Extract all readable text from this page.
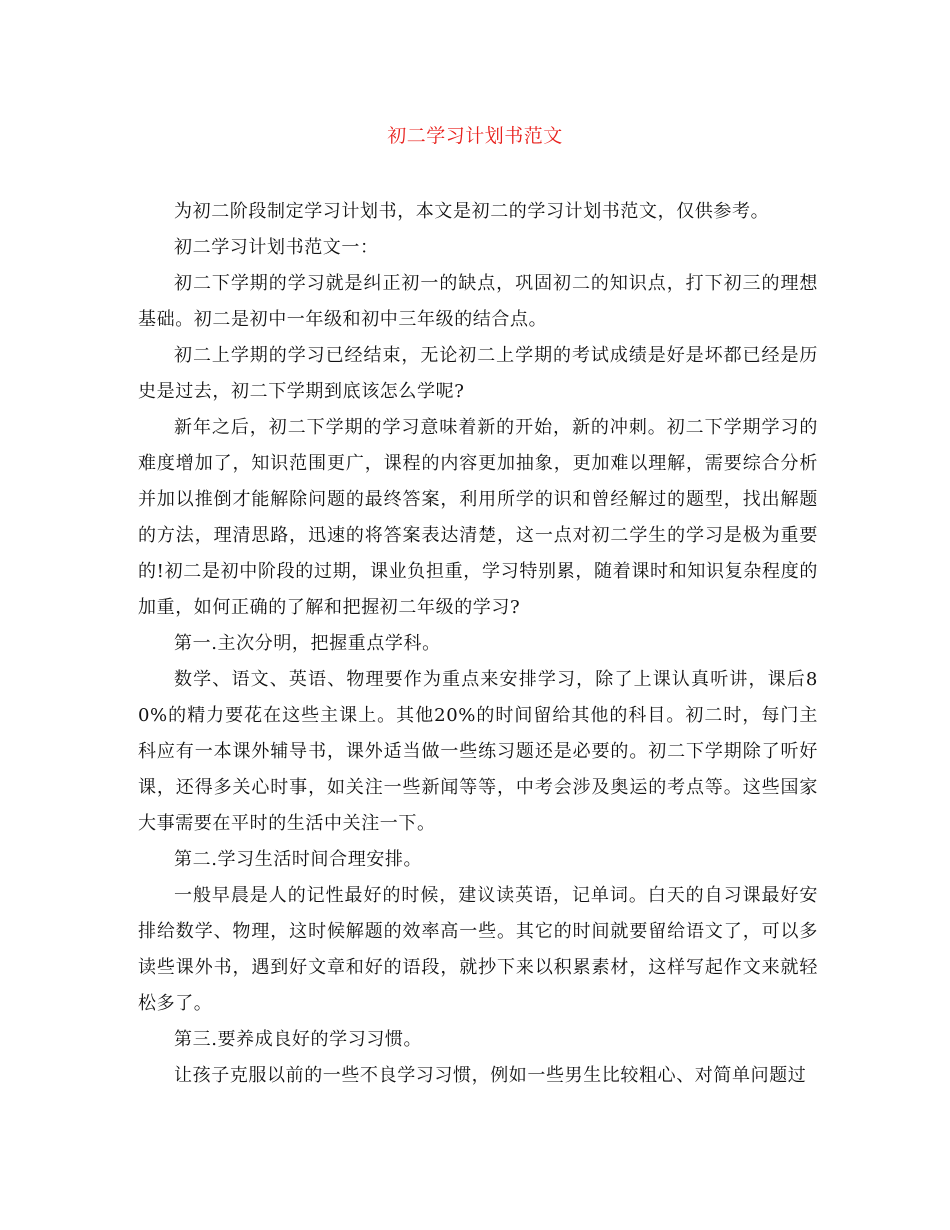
初二学习计划书范文

为初二阶段制定学习计划书，本文是初二的学习计划书范文，仅供参考。

初二学习计划书范文一：

初二下学期的学习就是纠正初一的缺点，巩固初二的知识点，打下初三的理想基础。初二是初中一年级和初中三年级的结合点。

初二上学期的学习已经结束，无论初二上学期的考试成绩是好是坏都已经是历史是过去，初二下学期到底该怎么学呢?

新年之后，初二下学期的学习意味着新的开始，新的冲刺。初二下学期学习的难度增加了，知识范围更广，课程的内容更加抽象，更加难以理解，需要综合分析并加以推倒才能解除问题的最终答案，利用所学的识和曾经解过的题型，找出解题的方法，理清思路，迅速的将答案表达清楚，这一点对初二学生的学习是极为重要的!初二是初中阶段的过期，课业负担重，学习特别累，随着课时和知识复杂程度的加重，如何正确的了解和把握初二年级的学习?

第一.主次分明，把握重点学科。

数学、语文、英语、物理要作为重点来安排学习，除了上课认真听讲，课后80%的精力要花在这些主课上。其他20%的时间留给其他的科目。初二时，每门主科应有一本课外辅导书，课外适当做一些练习题还是必要的。初二下学期除了听好课，还得多关心时事，如关注一些新闻等等，中考会涉及奥运的考点等。这些国家大事需要在平时的生活中关注一下。

第二.学习生活时间合理安排。

一般早晨是人的记性最好的时候，建议读英语，记单词。白天的自习课最好安排给数学、物理，这时候解题的效率高一些。其它的时间就要留给语文了，可以多读些课外书，遇到好文章和好的语段，就抄下来以积累素材，这样写起作文来就轻松多了。

第三.要养成良好的学习习惯。

让孩子克服以前的一些不良学习习惯，例如一些男生比较粗心、对简单问题过
